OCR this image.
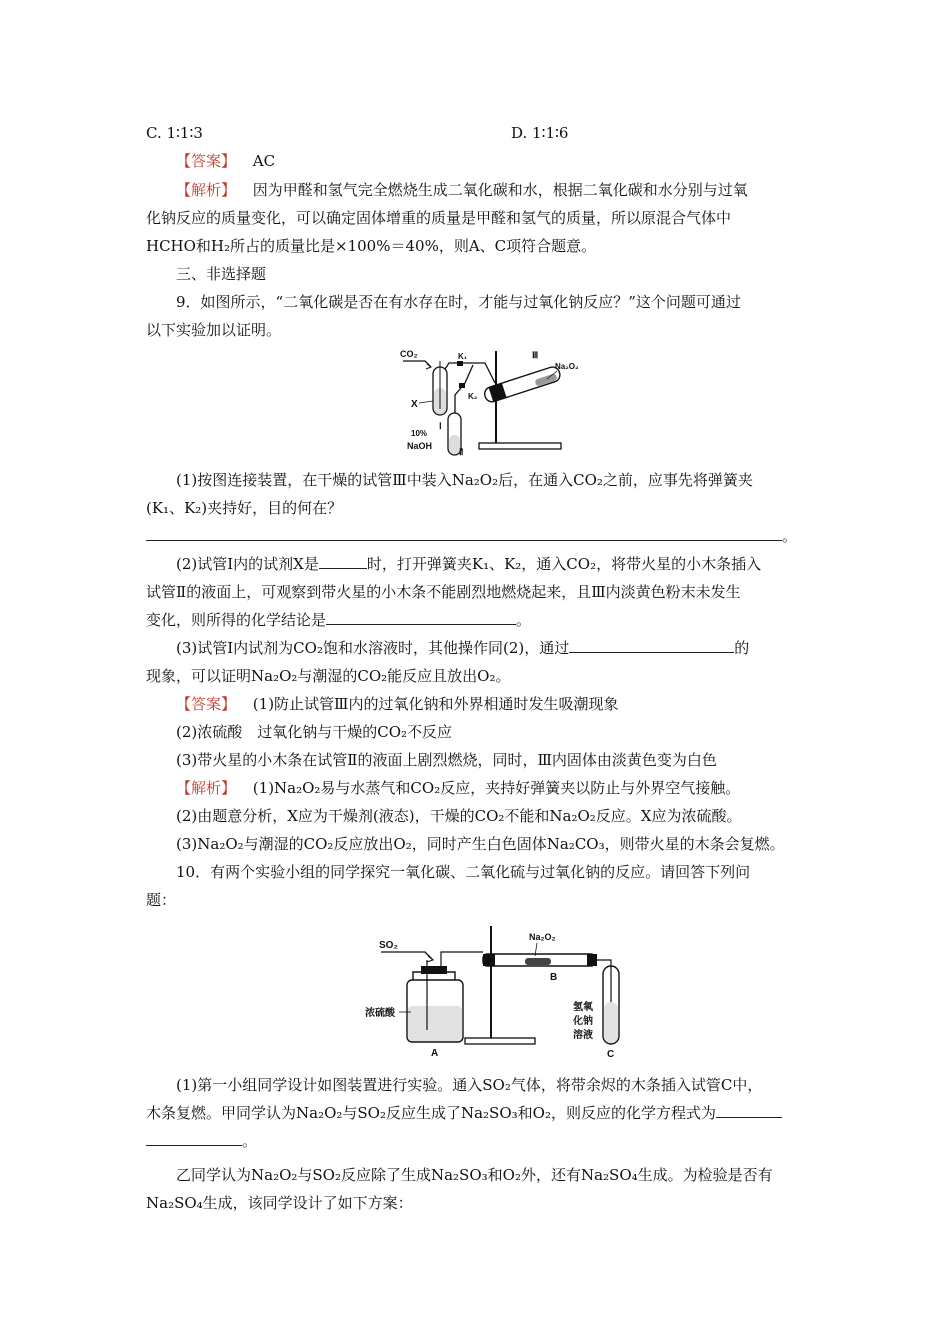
C. 1∶1∶3	D. 1∶1∶6
【答案】 AC
【解析】 因为甲醛和氢气完全燃烧生成二氧化碳和水，根据二氧化碳和水分别与过氧
化钠反应的质量变化，可以确定固体增重的质量是甲醛和氢气的质量，所以原混合气体中
HCHO和H₂所占的质量比是×100%＝40%，则A、C项符合题意。
三、非选择题
9．如图所示，“二氧化碳是否在有水存在时，才能与过氧化钠反应？”这个问题可通过
以下实验加以证明。
CO₂
X
Ⅰ
K₁
K₂
Ⅱ
10%
NaOH
Ⅲ
Na₂O₂
(1)按图连接装置，在干燥的试管Ⅲ中装入Na₂O₂后，在通入CO₂之前，应事先将弹簧夹
(K₁、K₂)夹持好，目的何在？
。
(2)试管Ⅰ内的试剂X是	时，打开弹簧夹K₁、K₂，通入CO₂，将带火星的小木条插入
试管Ⅱ的液面上，可观察到带火星的小木条不能剧烈地燃烧起来，且Ⅲ内淡黄色粉末未发生
变化，则所得的化学结论是	。
(3)试管Ⅰ内试剂为CO₂饱和水溶液时，其他操作同(2)，通过	的
现象，可以证明Na₂O₂与潮湿的CO₂能反应且放出O₂。
【答案】 (1)防止试管Ⅲ内的过氧化钠和外界相通时发生吸潮现象
(2)浓硫酸　过氧化钠与干燥的CO₂不反应
(3)带火星的小木条在试管Ⅱ的液面上剧烈燃烧，同时，Ⅲ内固体由淡黄色变为白色
【解析】 (1)Na₂O₂易与水蒸气和CO₂反应，夹持好弹簧夹以防止与外界空气接触。
(2)由题意分析，X应为干燥剂(液态)，干燥的CO₂不能和Na₂O₂反应。X应为浓硫酸。
(3)Na₂O₂与潮湿的CO₂反应放出O₂，同时产生白色固体Na₂CO₃，则带火星的木条会复燃。
10．有两个实验小组的同学探究一氧化碳、二氧化硫与过氧化钠的反应。请回答下列问
题：
SO₂
浓硫酸
A
Na₂O₂
B
氢氧
化钠
溶液
C
(1)第一小组同学设计如图装置进行实验。通入SO₂气体，将带余烬的木条插入试管C中，
木条复燃。甲同学认为Na₂O₂与SO₂反应生成了Na₂SO₃和O₂，则反应的化学方程式为
。
乙同学认为Na₂O₂与SO₂反应除了生成Na₂SO₃和O₂外，还有Na₂SO₄生成。为检验是否有
Na₂SO₄生成，该同学设计了如下方案：
